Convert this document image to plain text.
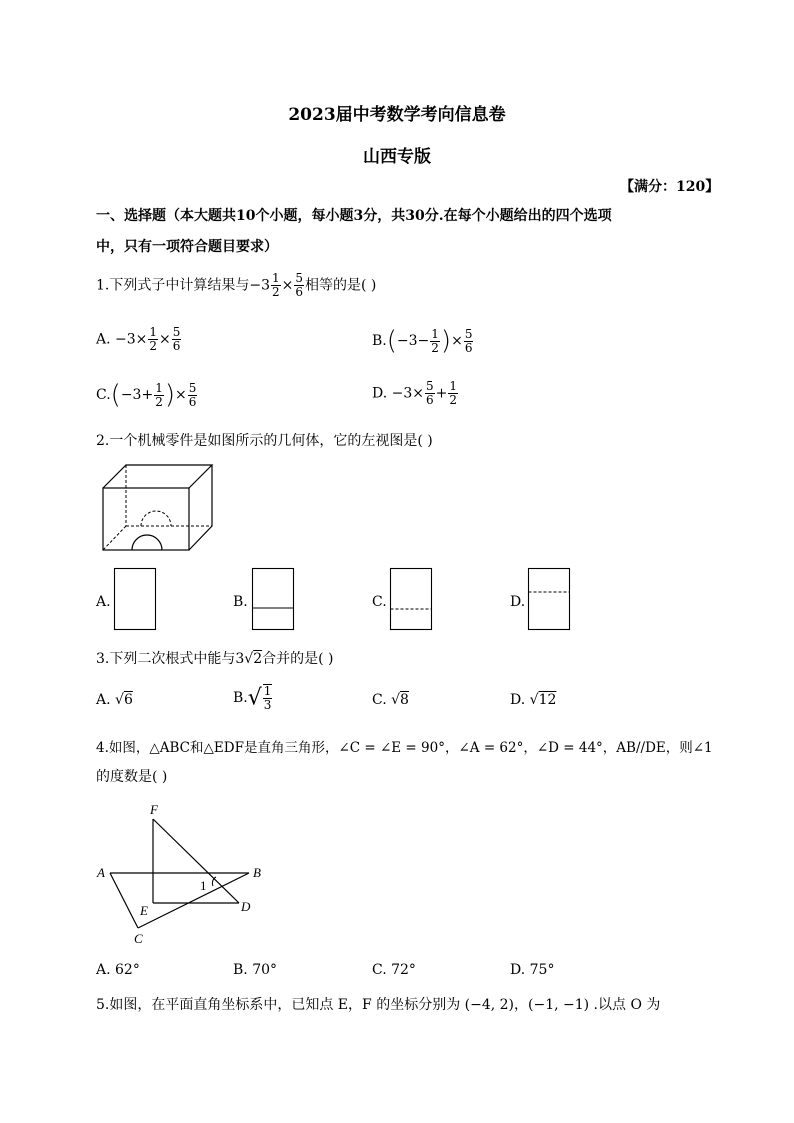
2023届中考数学考向信息卷
山西专版
【满分：120】
一、选择题（本大题共10个小题，每小题3分，共30分.在每个小题给出的四个选项
中，只有一项符合题目要求）
1.下列式子中计算结果与$-3 \frac{1}{2} \times \frac{5}{6}$ 相等的是( )
A. $-3\times \frac{1}{2} \times \frac{5}{6}$	$B.(-3- \frac{1}{2}$ )× $\frac{5}{6}$
$C.(-3+ \frac{1}{2}$ )× $\frac{5}{6}$	D. $-3\times \frac{5}{6} + \frac{1}{2}$
2.一个机械零件是如图所示的几何体，它的左视图是( )
A.	B.	C.	D.
3.下列二次根式中能与3√2合并的是( )
A. √6	$B.√ \frac{1}{3}$	C. √8	D. √12
4.如图，△ABC和△EDF是直角三角形，∠C = ∠E = 90°，∠A = 62°，∠D = 44°，AB//DE，则∠1
的度数是( )
F
A	B
E	D
C
1
A. 62°	B. 70°	C. 72°	D. 75°
5.如图，在平面直角坐标系中，已知点 E，F 的坐标分别为 (−4, 2)，(−1, −1) .以点 O 为
